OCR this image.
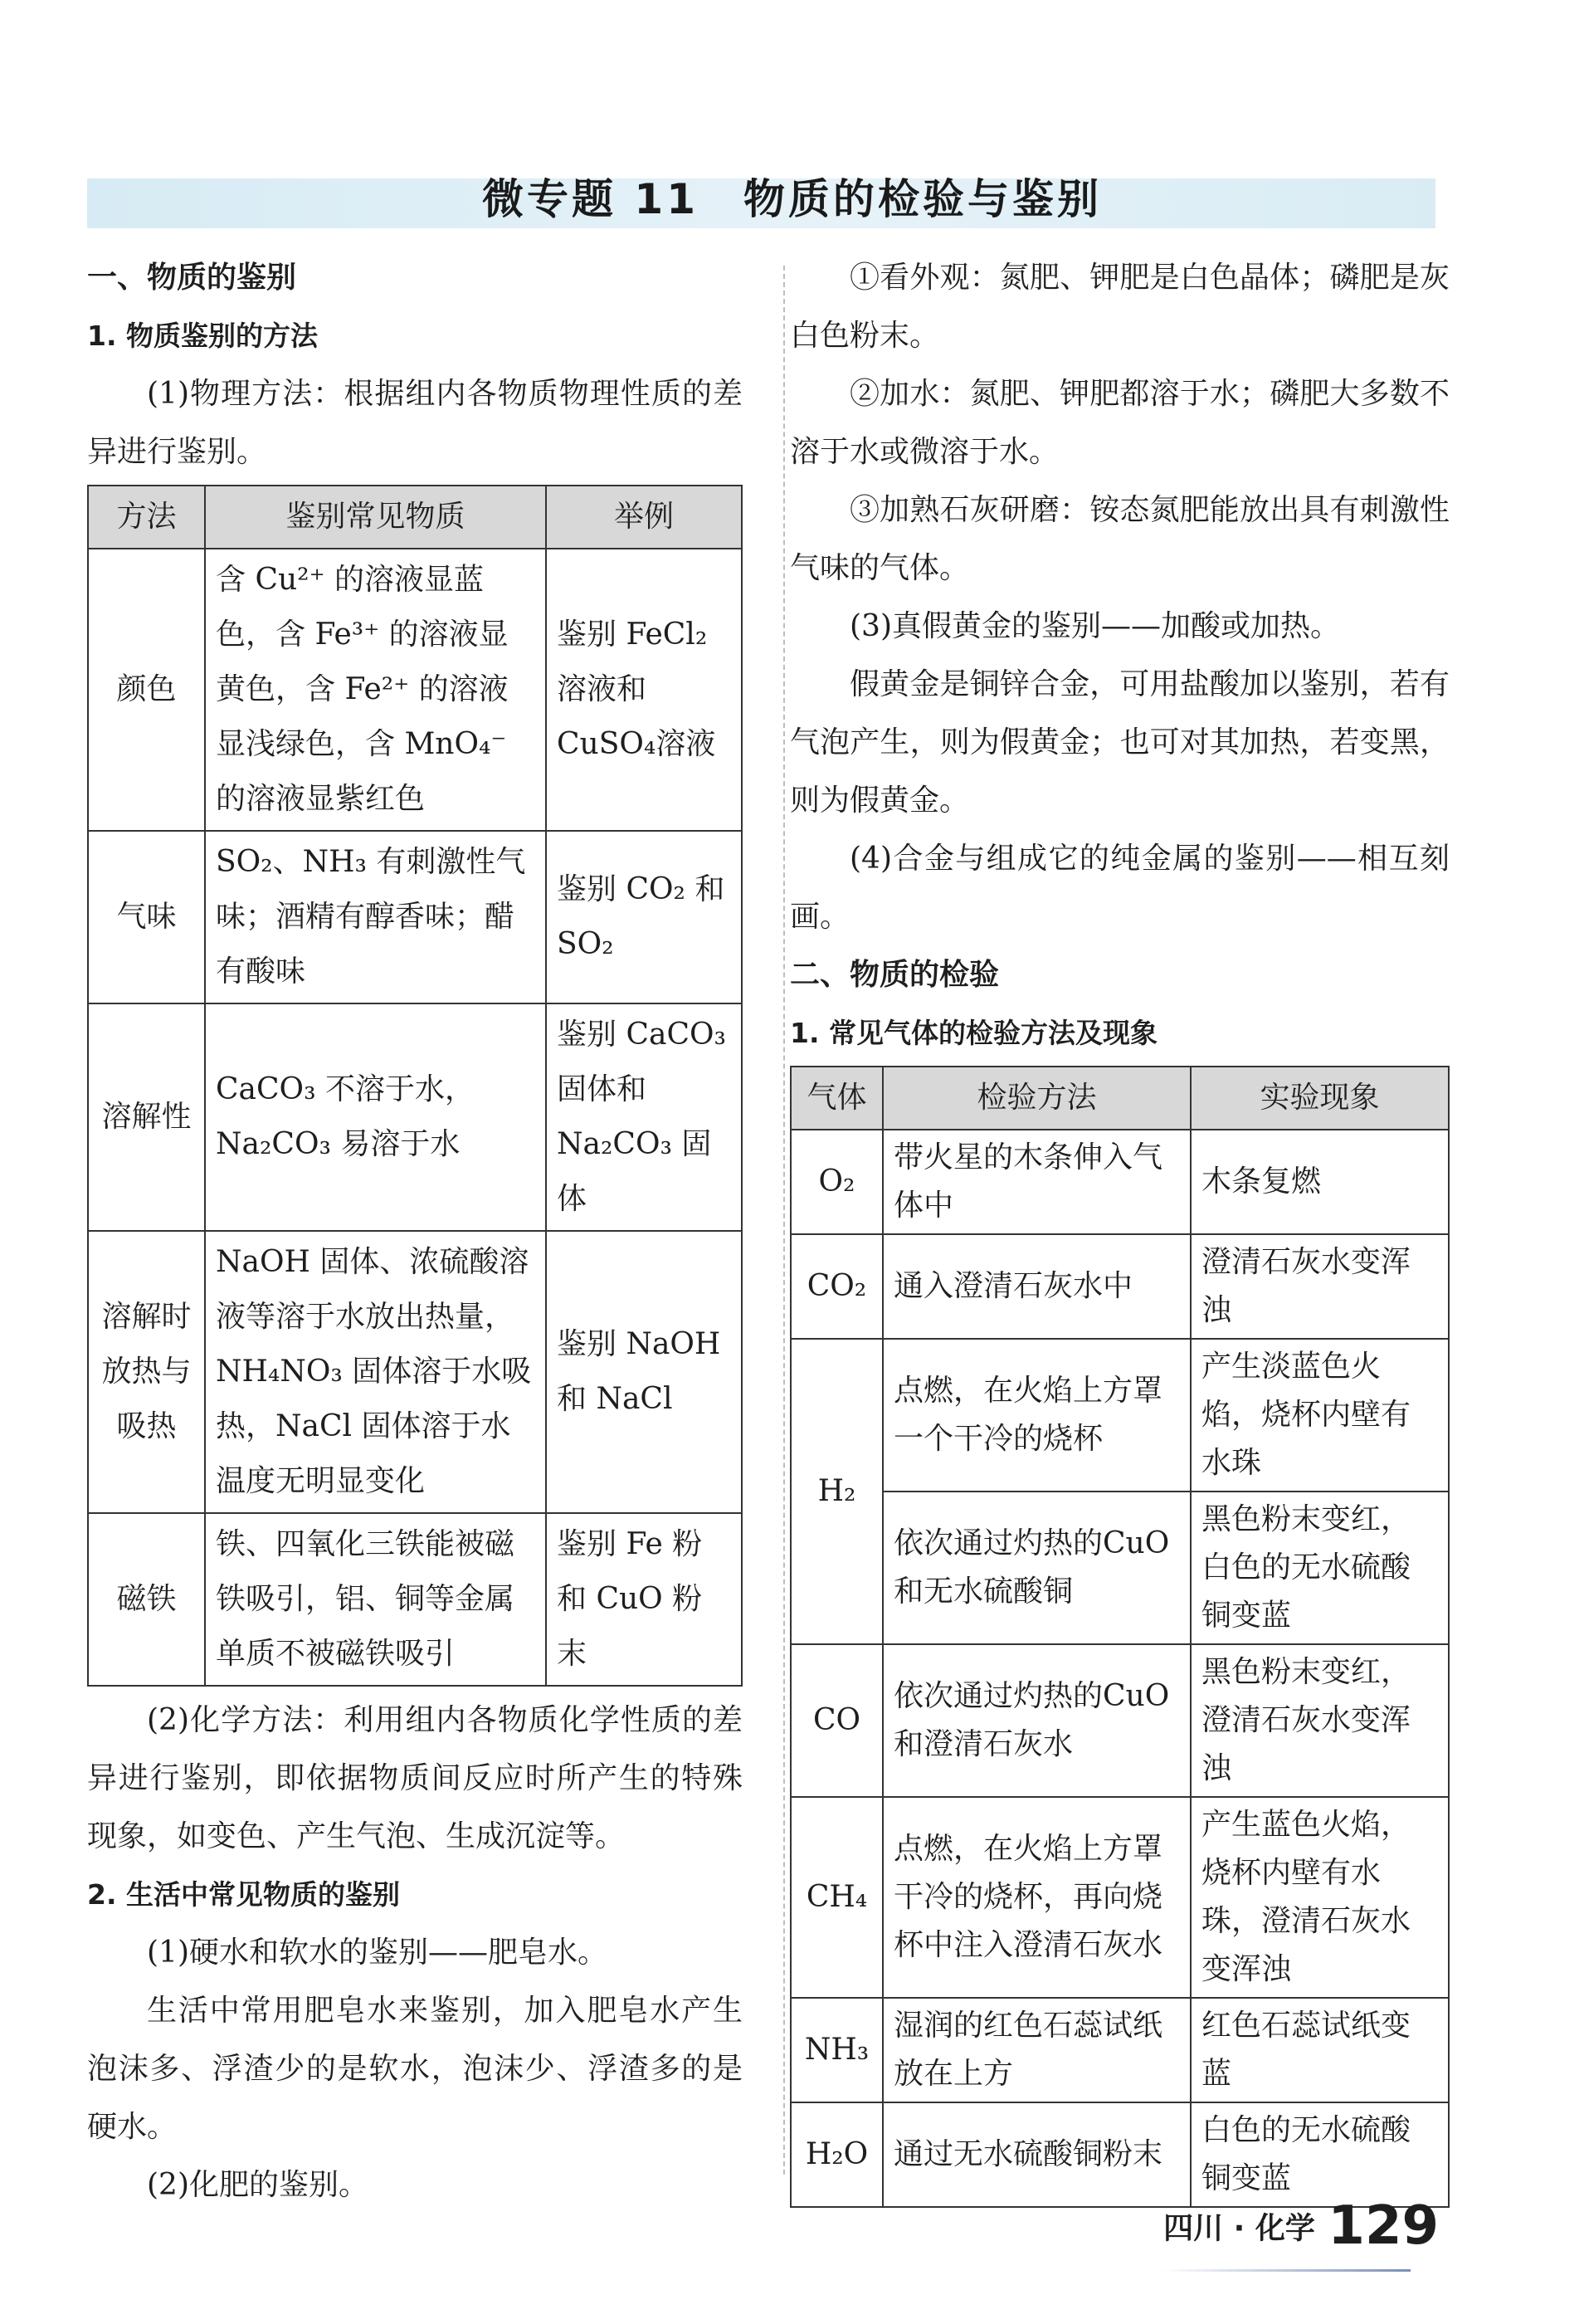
微专题 11　物质的检验与鉴别

一、物质的鉴别

1. 物质鉴别的方法

(1)物理方法：根据组内各物质物理性质的差异进行鉴别。

方法	鉴别常见物质	举例
颜色	含 Cu²⁺ 的溶液显蓝色，含 Fe³⁺ 的溶液显黄色，含 Fe²⁺ 的溶液显浅绿色，含 MnO₄⁻ 的溶液显紫红色	鉴别 FeCl₂ 溶液和 CuSO₄溶液
气味	SO₂、NH₃ 有刺激性气味；酒精有醇香味；醋有酸味	鉴别 CO₂ 和 SO₂
溶解性	CaCO₃ 不溶于水，Na₂CO₃ 易溶于水	鉴别 CaCO₃ 固体和 Na₂CO₃ 固体
溶解时放热与吸热	NaOH 固体、浓硫酸溶液等溶于水放出热量，NH₄NO₃ 固体溶于水吸热，NaCl 固体溶于水温度无明显变化	鉴别 NaOH 和 NaCl
磁铁	铁、四氧化三铁能被磁铁吸引，铝、铜等金属单质不被磁铁吸引	鉴别 Fe 粉和 CuO 粉末

(2)化学方法：利用组内各物质化学性质的差异进行鉴别，即依据物质间反应时所产生的特殊现象，如变色、产生气泡、生成沉淀等。

2. 生活中常见物质的鉴别

(1)硬水和软水的鉴别——肥皂水。

生活中常用肥皂水来鉴别，加入肥皂水产生泡沫多、浮渣少的是软水，泡沫少、浮渣多的是硬水。

(2)化肥的鉴别。

①看外观：氮肥、钾肥是白色晶体；磷肥是灰白色粉末。

②加水：氮肥、钾肥都溶于水；磷肥大多数不溶于水或微溶于水。

③加熟石灰研磨：铵态氮肥能放出具有刺激性气味的气体。

(3)真假黄金的鉴别——加酸或加热。

假黄金是铜锌合金，可用盐酸加以鉴别，若有气泡产生，则为假黄金；也可对其加热，若变黑，则为假黄金。

(4)合金与组成它的纯金属的鉴别——相互刻画。

二、物质的检验

1. 常见气体的检验方法及现象

气体	检验方法	实验现象
O₂	带火星的木条伸入气体中	木条复燃
CO₂	通入澄清石灰水中	澄清石灰水变浑浊
H₂	点燃，在火焰上方罩一个干冷的烧杯	产生淡蓝色火焰，烧杯内壁有水珠
	依次通过灼热的CuO和无水硫酸铜	黑色粉末变红，白色的无水硫酸铜变蓝
CO	依次通过灼热的CuO和澄清石灰水	黑色粉末变红，澄清石灰水变浑浊
CH₄	点燃，在火焰上方罩干冷的烧杯，再向烧杯中注入澄清石灰水	产生蓝色火焰，烧杯内壁有水珠，澄清石灰水变浑浊
NH₃	湿润的红色石蕊试纸放在上方	红色石蕊试纸变蓝
H₂O	通过无水硫酸铜粉末	白色的无水硫酸铜变蓝
四川 · 化学 129
